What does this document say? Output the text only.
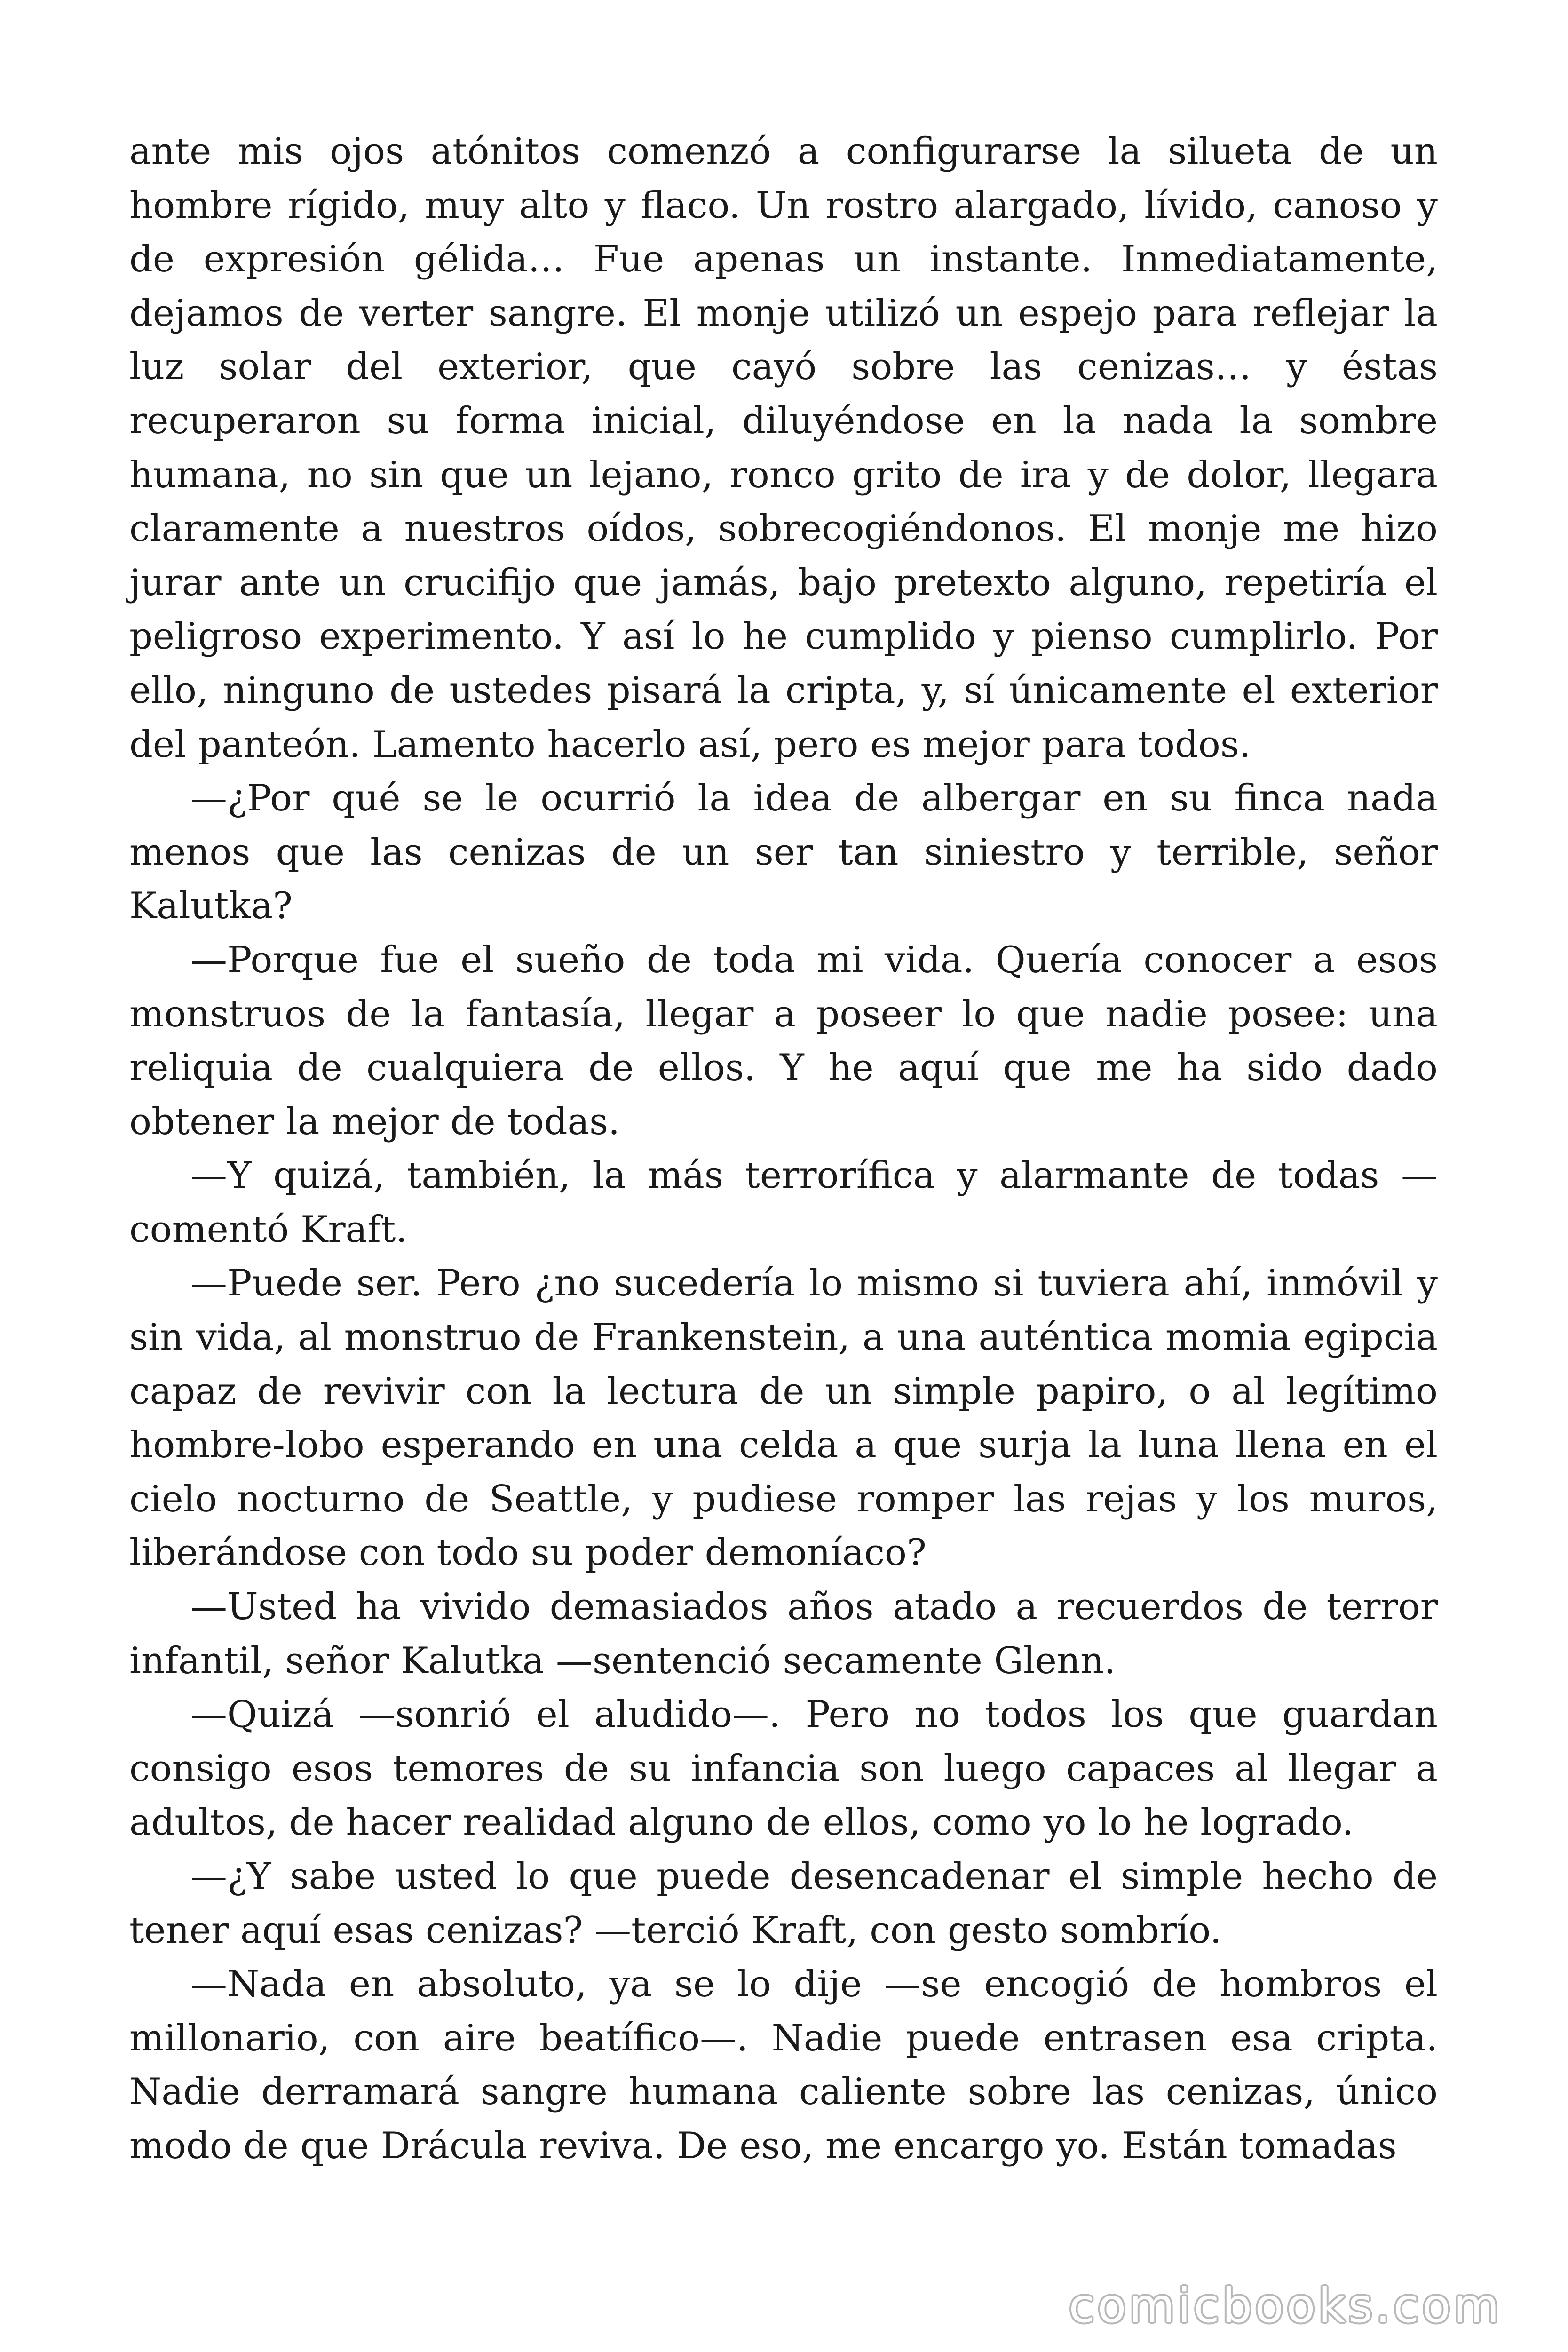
ante mis ojos atónitos comenzó a configurarse la silueta de un hombre rígido, muy alto y flaco. Un rostro alargado, lívido, canoso y de expresión gélida… Fue apenas un instante. Inmediatamente, dejamos de verter sangre. El monje utilizó un espejo para reflejar la luz solar del exterior, que cayó sobre las cenizas… y éstas recuperaron su forma inicial, diluyéndose en la nada la sombre humana, no sin que un lejano, ronco grito de ira y de dolor, llegara claramente a nuestros oídos, sobrecogiéndonos. El monje me hizo jurar ante un crucifijo que jamás, bajo pretexto alguno, repetiría el peligroso experimento. Y así lo he cumplido y pienso cumplirlo. Por ello, ninguno de ustedes pisará la cripta, y, sí únicamente el exterior del panteón. Lamento hacerlo así, pero es mejor para todos.

—¿Por qué se le ocurrió la idea de albergar en su finca nada menos que las cenizas de un ser tan siniestro y terrible, señor Kalutka?

—Porque fue el sueño de toda mi vida. Quería conocer a esos monstruos de la fantasía, llegar a poseer lo que nadie posee: una reliquia de cualquiera de ellos. Y he aquí que me ha sido dado obtener la mejor de todas.

—Y quizá, también, la más terrorífica y alarmante de todas —comentó Kraft.

—Puede ser. Pero ¿no sucedería lo mismo si tuviera ahí, inmóvil y sin vida, al monstruo de Frankenstein, a una auténtica momia egipcia capaz de revivir con la lectura de un simple papiro, o al legítimo hombre-lobo esperando en una celda a que surja la luna llena en el cielo nocturno de Seattle, y pudiese romper las rejas y los muros, liberándose con todo su poder demoníaco?

—Usted ha vivido demasiados años atado a recuerdos de terror infantil, señor Kalutka —sentenció secamente Glenn.

—Quizá —sonrió el aludido—. Pero no todos los que guardan consigo esos temores de su infancia son luego capaces al llegar a adultos, de hacer realidad alguno de ellos, como yo lo he logrado.

—¿Y sabe usted lo que puede desencadenar el simple hecho de tener aquí esas cenizas? —terció Kraft, con gesto sombrío.

—Nada en absoluto, ya se lo dije —se encogió de hombros el millonario, con aire beatífico—. Nadie puede entrasen esa cripta. Nadie derramará sangre humana caliente sobre las cenizas, único modo de que Drácula reviva. De eso, me encargo yo. Están tomadas

comicbooks.com
